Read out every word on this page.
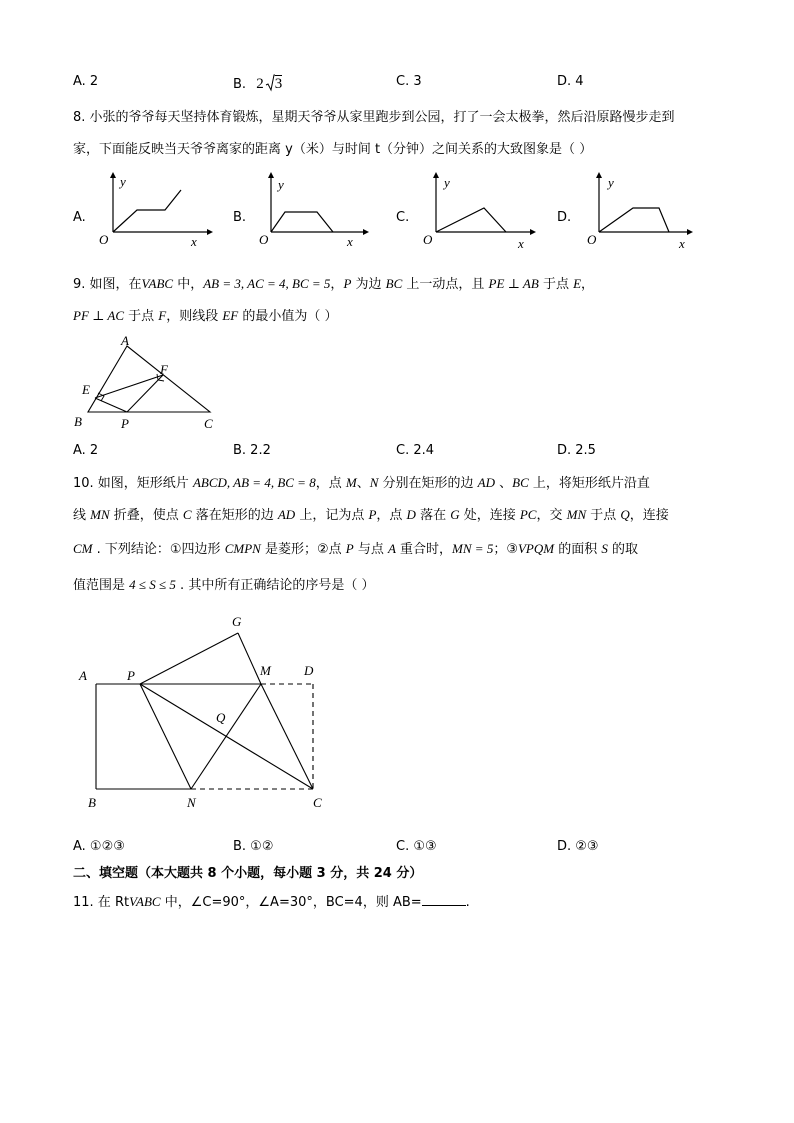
A. 2	B. 2 3	C. 3	D. 4
8. 小张的爷爷每天坚持体育锻炼，星期天爷爷从家里跑步到公园，打了一会太极拳，然后沿原路慢步走到
家，下面能反映当天爷爷离家的距离 y（米）与时间 t（分钟）之间关系的大致图象是（ ）
A.
y
O	x
B.
y
O	x
C.
y
O	x
D.
y
O	x
9. 如图，在VABC 中，AB = 3, AC = 4, BC = 5，P 为边 BC 上一动点，且 PE ⊥ AB 于点 E，
PF ⊥ AC 于点 F，则线段 EF 的最小值为（ ）
A
B	C
E
F
P
A. 2	B. 2.2	C. 2.4	D. 2.5
10. 如图，矩形纸片 ABCD, AB = 4, BC = 8，点 M、N 分别在矩形的边 AD 、BC 上，将矩形纸片沿直
线 MN 折叠，使点 C 落在矩形的边 AD 上，记为点 P，点 D 落在 G 处，连接 PC，交 MN 于点 Q，连接
CM . 下列结论：①四边形 CMPN 是菱形；②点 P 与点 A 重合时，MN = 5；③VPQM 的面积 S 的取
值范围是 4 ≤ S ≤ 5 . 其中所有正确结论的序号是（ ）
A	P
G
M	D
Q
B	N	C
A. ①②③	B. ①②	C. ①③	D. ②③
二、填空题（本大题共 8 个小题，每小题 3 分，共 24 分）
11. 在 RtVABC 中，∠C=90°，∠A=30°，BC=4，则 AB=	.
